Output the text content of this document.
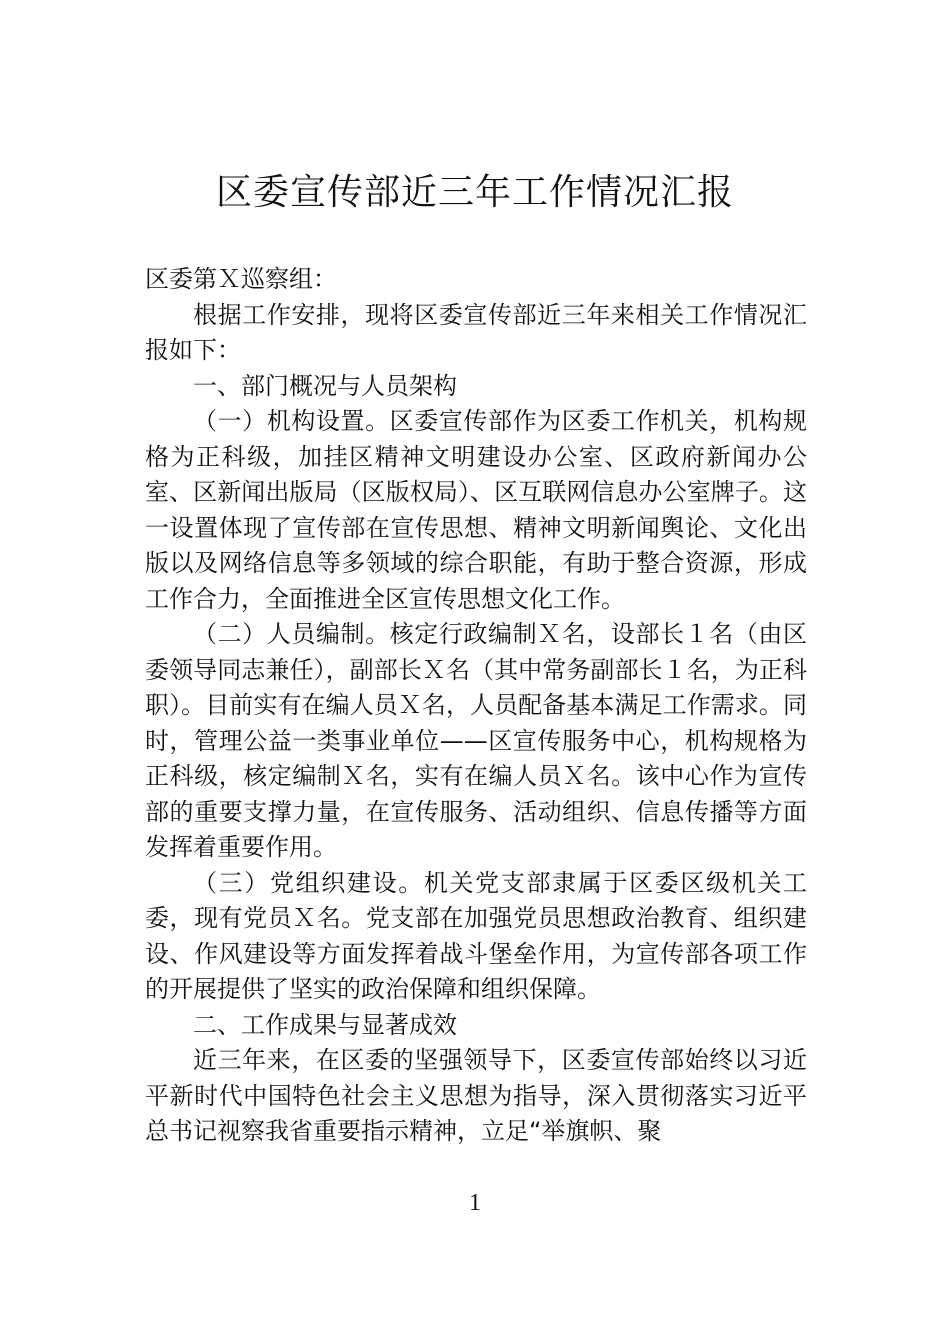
区委宣传部近三年工作情况汇报

区委第Ｘ巡察组：

根据工作安排，现将区委宣传部近三年来相关工作情况汇报如下：

一、部门概况与人员架构

（一）机构设置。区委宣传部作为区委工作机关，机构规格为正科级，加挂区精神文明建设办公室、区政府新闻办公室、区新闻出版局（区版权局）、区互联网信息办公室牌子。这一设置体现了宣传部在宣传思想、精神文明新闻舆论、文化出版以及网络信息等多领域的综合职能，有助于整合资源，形成工作合力，全面推进全区宣传思想文化工作。

（二）人员编制。核定行政编制Ｘ名，设部长１名（由区委领导同志兼任），副部长Ｘ名（其中常务副部长１名，为正科职）。目前实有在编人员Ｘ名，人员配备基本满足工作需求。同时，管理公益一类事业单位——区宣传服务中心，机构规格为正科级，核定编制Ｘ名，实有在编人员Ｘ名。该中心作为宣传部的重要支撑力量，在宣传服务、活动组织、信息传播等方面发挥着重要作用。

（三）党组织建设。机关党支部隶属于区委区级机关工委，现有党员Ｘ名。党支部在加强党员思想政治教育、组织建设、作风建设等方面发挥着战斗堡垒作用，为宣传部各项工作的开展提供了坚实的政治保障和组织保障。

二、工作成果与显著成效

近三年来，在区委的坚强领导下，区委宣传部始终以习近平新时代中国特色社会主义思想为指导，深入贯彻落实习近平总书记视察我省重要指示精神，立足“举旗帜、聚

1
